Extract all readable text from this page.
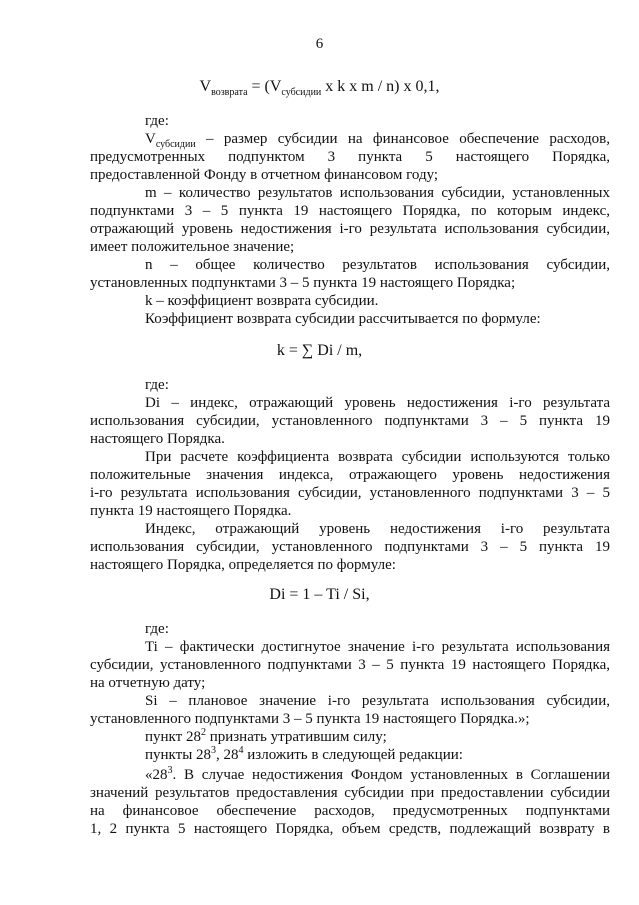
6
$V_{возврата} = (V_{субсидии}$ x k x m / n) x 0,1,
где:
$V_{субсидии}$ – размер субсидии на финансовое обеспечение расходов,
предусмотренных подпунктом 3 пункта 5 настоящего Порядка,
предоставленной Фонду в отчетном финансовом году;
m – количество результатов использования субсидии, установленных
подпунктами 3 – 5 пункта 19 настоящего Порядка, по которым индекс,
отражающий уровень недостижения i-го результата использования субсидии,
имеет положительное значение;
n – общее количество результатов использования субсидии,
установленных подпунктами 3 – 5 пункта 19 настоящего Порядка;
k – коэффициент возврата субсидии.
Коэффициент возврата субсидии рассчитывается по формуле:
k = ∑ Di / m,
где:
Di – индекс, отражающий уровень недостижения i-го результата
использования субсидии, установленного подпунктами 3 – 5 пункта 19
настоящего Порядка.
При расчете коэффициента возврата субсидии используются только
положительные значения индекса, отражающего уровень недостижения
i-го результата использования субсидии, установленного подпунктами 3 – 5
пункта 19 настоящего Порядка.
Индекс, отражающий уровень недостижения i-го результата
использования субсидии, установленного подпунктами 3 – 5 пункта 19
настоящего Порядка, определяется по формуле:
Di = 1 – Ti / Si,
где:
Ti – фактически достигнутое значение i-го результата использования
субсидии, установленного подпунктами 3 – 5 пункта 19 настоящего Порядка,
на отчетную дату;
Si – плановое значение i-го результата использования субсидии,
установленного подпунктами 3 – 5 пункта 19 настоящего Порядка.»;
пункт $28^2$ признать утратившим силу;
пункты $28^3$, $28^4$ изложить в следующей редакции:
«$28^3$. В случае недостижения Фондом установленных в Соглашении
значений результатов предоставления субсидии при предоставлении субсидии
на финансовое обеспечение расходов, предусмотренных подпунктами
1, 2 пункта 5 настоящего Порядка, объем средств, подлежащий возврату в
